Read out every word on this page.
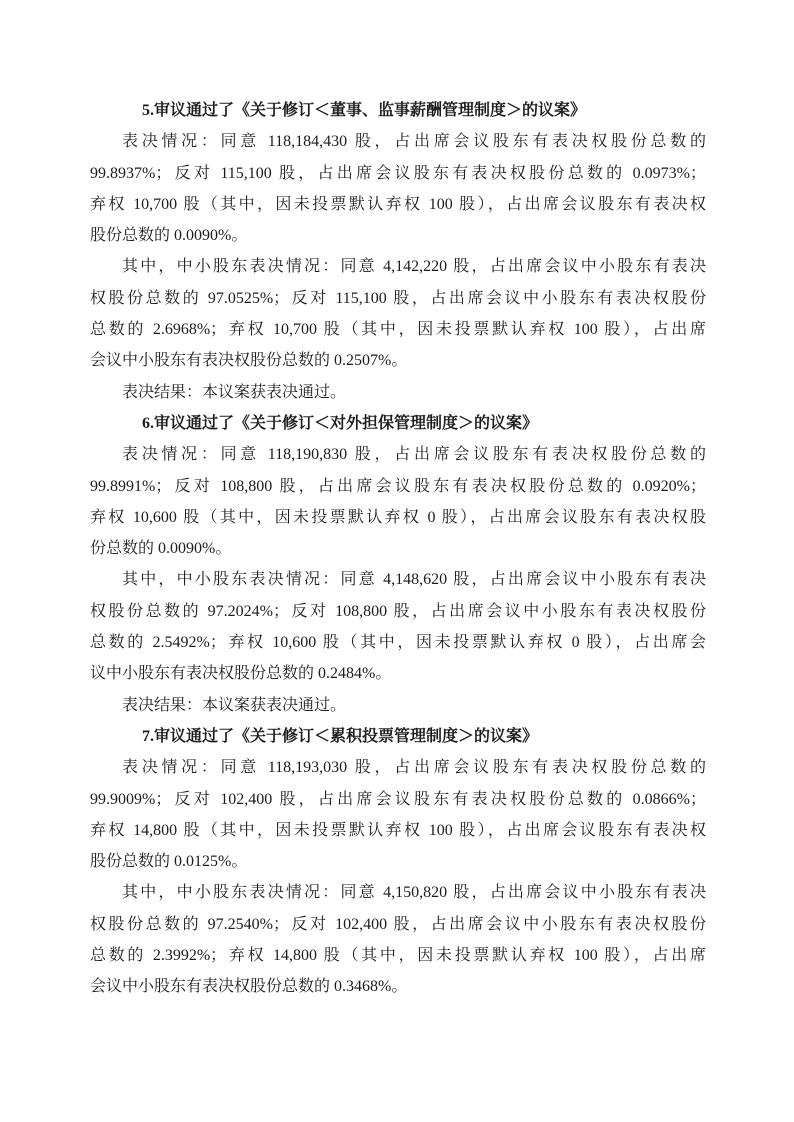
5.审议通过了《关于修订＜董事、监事薪酬管理制度＞的议案》
表决情况：同意 118,184,430 股，占出席会议股东有表决权股份总数的
99.8937%；反对 115,100 股，占出席会议股东有表决权股份总数的 0.0973%；
弃权 10,700 股（其中，因未投票默认弃权 100 股），占出席会议股东有表决权
股份总数的 0.0090%。
其中，中小股东表决情况：同意 4,142,220 股，占出席会议中小股东有表决
权股份总数的 97.0525%；反对 115,100 股，占出席会议中小股东有表决权股份
总数的 2.6968%；弃权 10,700 股（其中，因未投票默认弃权 100 股），占出席
会议中小股东有表决权股份总数的 0.2507%。
表决结果：本议案获表决通过。
6.审议通过了《关于修订＜对外担保管理制度＞的议案》
表决情况：同意 118,190,830 股，占出席会议股东有表决权股份总数的
99.8991%；反对 108,800 股，占出席会议股东有表决权股份总数的 0.0920%；
弃权 10,600 股（其中，因未投票默认弃权 0 股），占出席会议股东有表决权股
份总数的 0.0090%。
其中，中小股东表决情况：同意 4,148,620 股，占出席会议中小股东有表决
权股份总数的 97.2024%；反对 108,800 股，占出席会议中小股东有表决权股份
总数的 2.5492%；弃权 10,600 股（其中，因未投票默认弃权 0 股），占出席会
议中小股东有表决权股份总数的 0.2484%。
表决结果：本议案获表决通过。
7.审议通过了《关于修订＜累积投票管理制度＞的议案》
表决情况：同意 118,193,030 股，占出席会议股东有表决权股份总数的
99.9009%；反对 102,400 股，占出席会议股东有表决权股份总数的 0.0866%；
弃权 14,800 股（其中，因未投票默认弃权 100 股），占出席会议股东有表决权
股份总数的 0.0125%。
其中，中小股东表决情况：同意 4,150,820 股，占出席会议中小股东有表决
权股份总数的 97.2540%；反对 102,400 股，占出席会议中小股东有表决权股份
总数的 2.3992%；弃权 14,800 股（其中，因未投票默认弃权 100 股），占出席
会议中小股东有表决权股份总数的 0.3468%。
